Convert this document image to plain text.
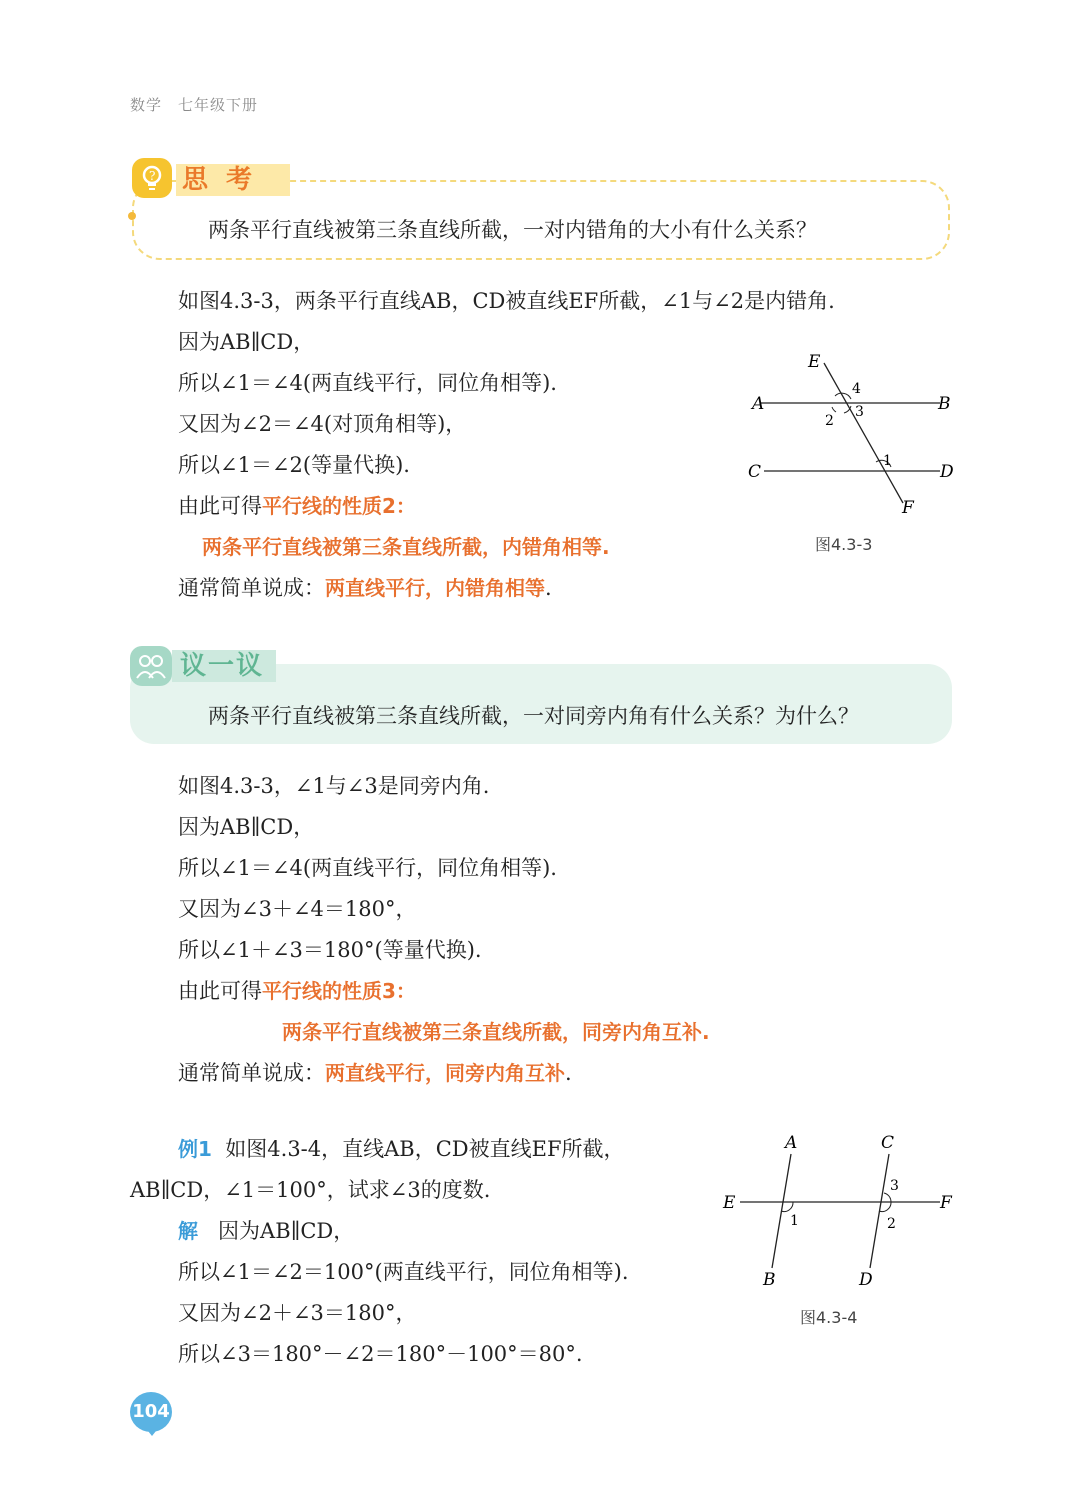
数学 七年级下册
? 思考
两条平行直线被第三条直线所截，一对内错角的大小有什么关系？
如图4.3-3，两条平行直线AB，CD被直线EF所截，∠1与∠2是内错角.
因为AB∥CD，
所以∠1＝∠4(两直线平行，同位角相等).
又因为∠2＝∠4(对顶角相等)，
所以∠1＝∠2(等量代换).
由此可得平行线的性质2：
两条平行直线被第三条直线所截，内错角相等.
通常简单说成：两直线平行，内错角相等.
E
A	B
C	D
F
4
3
2
1
图4.3-3
议一议
两条平行直线被第三条直线所截，一对同旁内角有什么关系？为什么？
如图4.3-3，∠1与∠3是同旁内角.
因为AB∥CD，
所以∠1＝∠4(两直线平行，同位角相等).
又因为∠3＋∠4＝180°，
所以∠1＋∠3＝180°(等量代换).
由此可得平行线的性质3：
两条平行直线被第三条直线所截，同旁内角互补.
通常简单说成：两直线平行，同旁内角互补.
例1 如图4.3-4，直线AB，CD被直线EF所截，
AB∥CD，∠1＝100°，试求∠3的度数.
解 因为AB∥CD，
所以∠1＝∠2＝100°(两直线平行，同位角相等).
又因为∠2＋∠3＝180°，
所以∠3＝180°－∠2＝180°－100°＝80°.
A
B
C
D
E	F
1	2
3
图4.3-4
104
